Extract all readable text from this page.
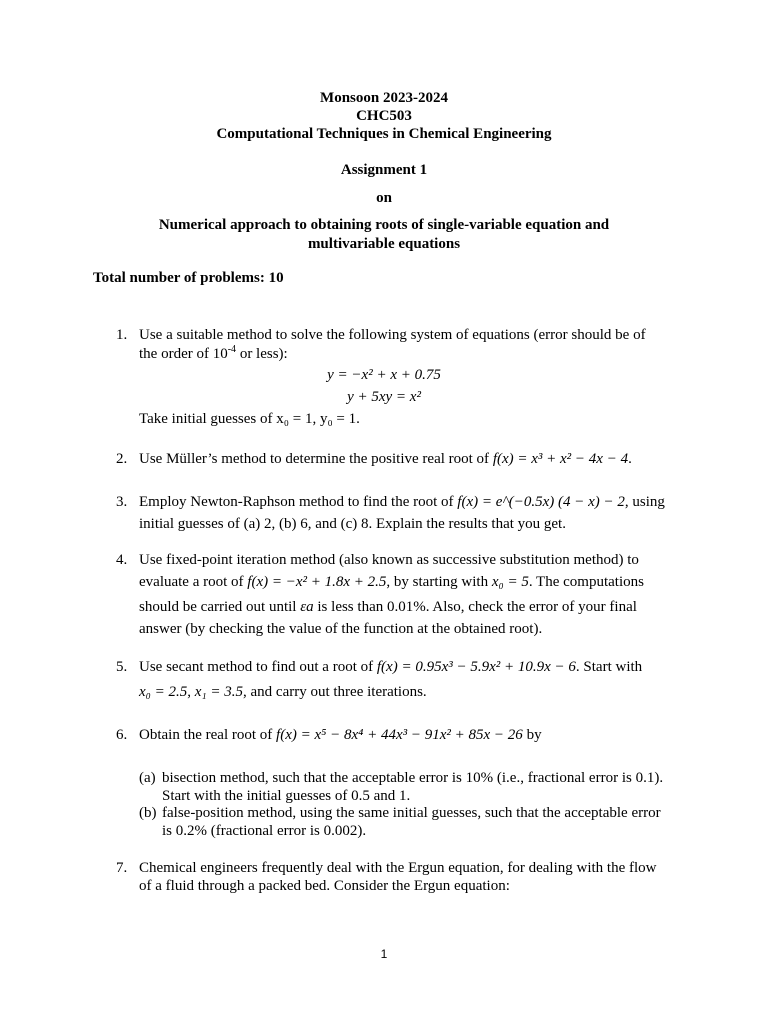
Monsoon 2023-2024
CHC503
Computational Techniques in Chemical Engineering
Assignment 1
on
Numerical approach to obtaining roots of single-variable equation and
multivariable equations
Total number of problems: 10
1. Use a suitable method to solve the following system of equations (error should be of
the order of $10^{-4}$ or less):
y = −x² + x + 0.75
y + 5xy = x²
Take initial guesses of x₀ = 1, y₀ = 1.
2. Use Müller’s method to determine the positive real root of f(x) = x³ + x² − 4x − 4.
3. Employ Newton-Raphson method to find the root of f(x) = e^(−0.5x) (4 − x) − 2, using
initial guesses of (a) 2, (b) 6, and (c) 8. Explain the results that you get.
4. Use fixed-point iteration method (also known as successive substitution method) to
evaluate a root of f(x) = −x² + 1.8x + 2.5, by starting with x₀ = 5. The computations
should be carried out until εa is less than 0.01%. Also, check the error of your final
answer (by checking the value of the function at the obtained root).
5. Use secant method to find out a root of f(x) = 0.95x³ − 5.9x² + 10.9x − 6. Start with
x₀ = 2.5, x₁ = 3.5, and carry out three iterations.
6. Obtain the real root of f(x) = x⁵ − 8x⁴ + 44x³ − 91x² + 85x − 26 by
(a) bisection method, such that the acceptable error is 10% (i.e., fractional error is 0.1).
Start with the initial guesses of 0.5 and 1.
(b) false-position method, using the same initial guesses, such that the acceptable error
is 0.2% (fractional error is 0.002).
7. Chemical engineers frequently deal with the Ergun equation, for dealing with the flow
of a fluid through a packed bed. Consider the Ergun equation:
1
